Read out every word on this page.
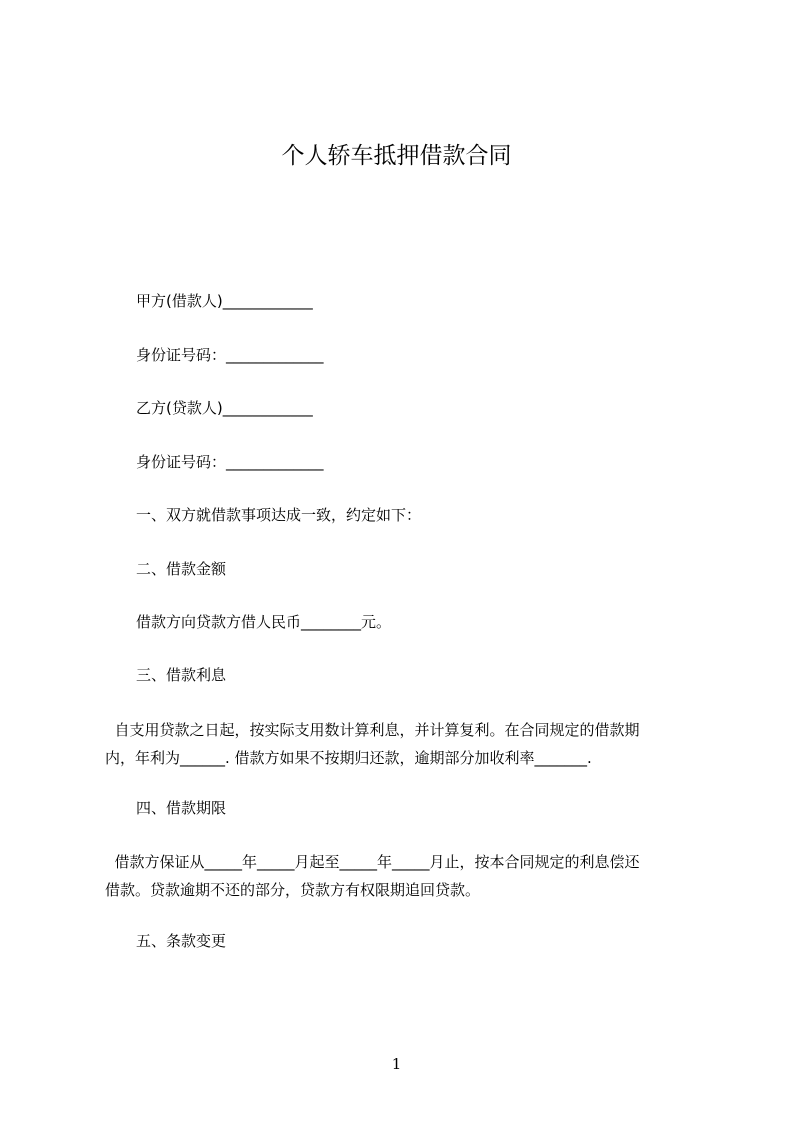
个人轿车抵押借款合同
甲方(借款人)____________
身份证号码：_____________
乙方(贷款人)____________
身份证号码：_____________
一、双方就借款事项达成一致，约定如下：
二、借款金额
借款方向贷款方借人民币________元。
三、借款利息
自支用贷款之日起，按实际支用数计算利息，并计算复利。在合同规定的借款期
内，年利为______. 借款方如果不按期归还款，逾期部分加收利率_______.
四、借款期限
借款方保证从_____年_____月起至_____年_____月止，按本合同规定的利息偿还
借款。贷款逾期不还的部分，贷款方有权限期追回贷款。
五、条款变更
1
